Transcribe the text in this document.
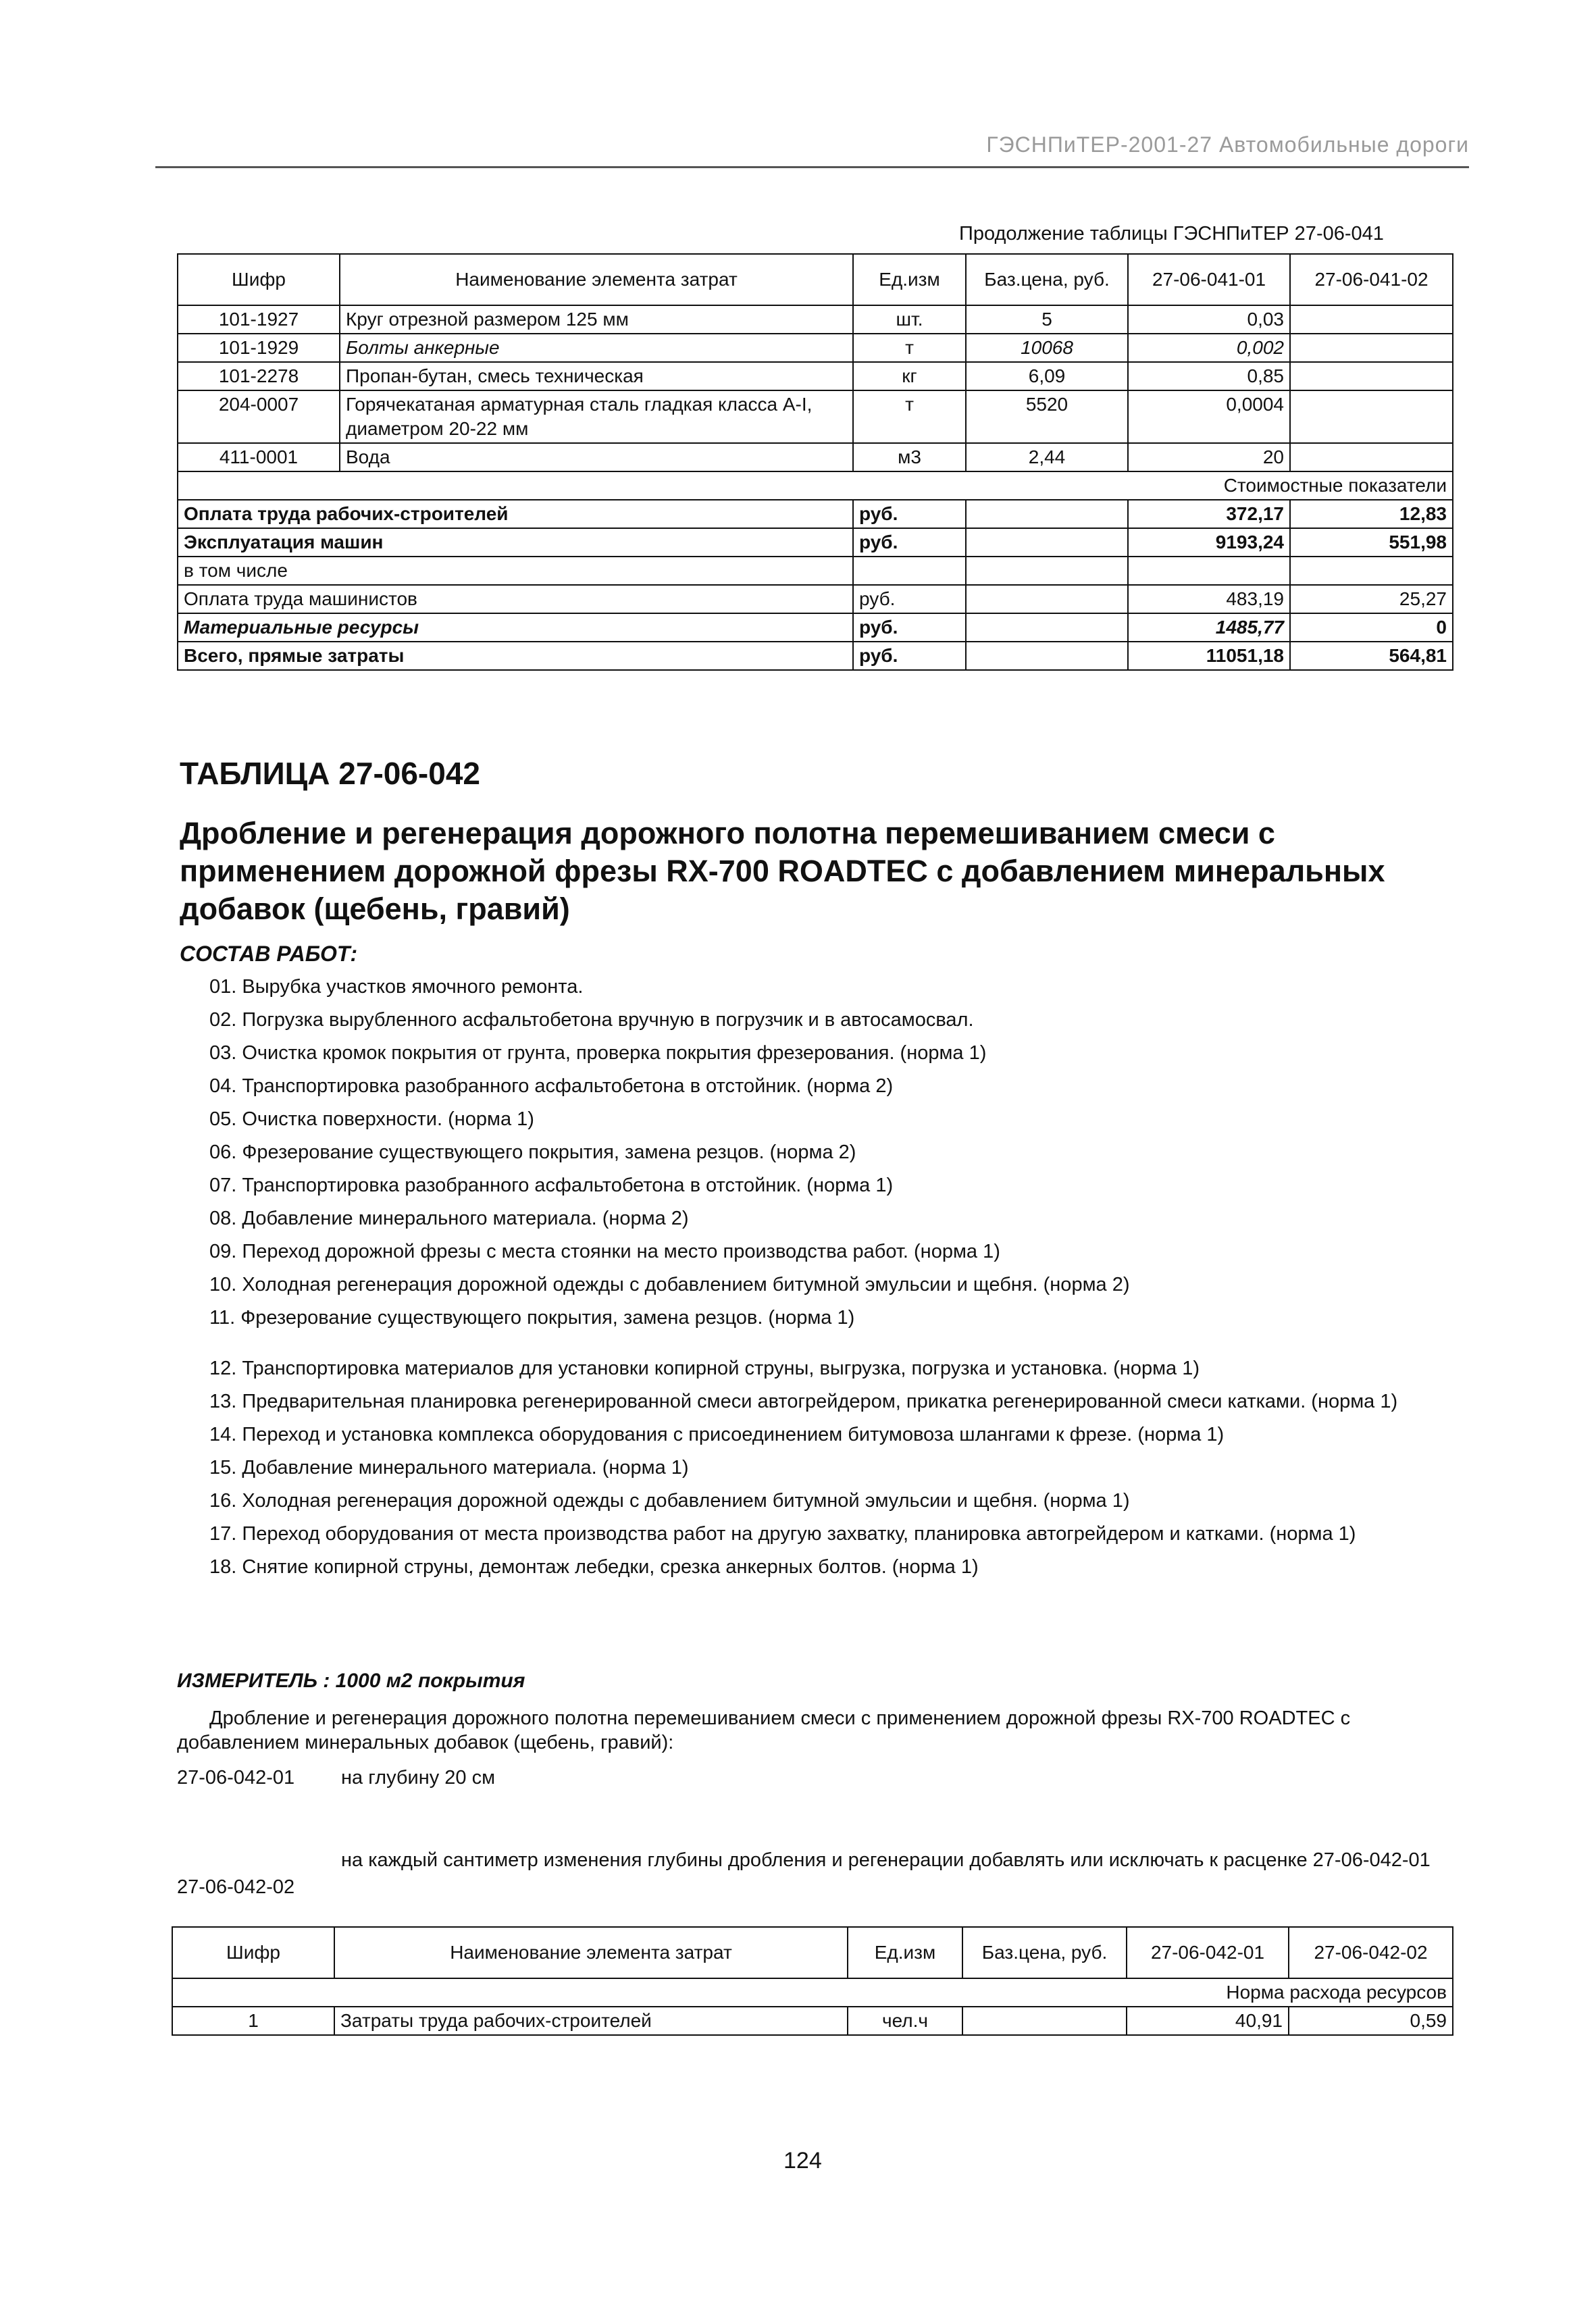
ГЭСНПиТЕР-2001-27 Автомобильные дороги
Продолжение таблицы ГЭСНПиТЕР 27-06-041
Шифр	Наименование элемента затрат	Ед.изм	Баз.цена, руб.	27-06-041-01	27-06-041-02
101-1927	Круг отрезной размером 125 мм	шт.	5	0,03	
101-1929	Болты анкерные	т	10068	0,002	
101-2278	Пропан-бутан, смесь техническая	кг	6,09	0,85	
204-0007	Горячекатаная арматурная сталь гладкая класса А-I, диаметром 20-22 мм	т	5520	0,0004	
411-0001	Вода	м3	2,44	20	
Стоимостные показатели					
Оплата труда рабочих-строителей		руб.		372,17	12,83
Эксплуатация машин		руб.		9193,24	551,98
в том числе					
Оплата труда машинистов		руб.		483,19	25,27
Материальные ресурсы		руб.		1485,77	0
Всего, прямые затраты		руб.		11051,18	564,81
ТАБЛИЦА 27-06-042
Дробление и регенерация дорожного полотна перемешиванием смеси с применением дорожной фрезы RX-700 ROADTEC с добавлением минеральных добавок (щебень, гравий)
СОСТАВ РАБОТ:
01. Вырубка участков ямочного ремонта.
02. Погрузка вырубленного асфальтобетона вручную в погрузчик и в автосамосвал.
03. Очистка кромок покрытия от грунта, проверка покрытия фрезерования. (норма 1)
04. Транспортировка разобранного асфальтобетона в отстойник. (норма 2)
05. Очистка поверхности. (норма 1)
06. Фрезерование существующего покрытия, замена резцов. (норма 2)
07. Транспортировка разобранного асфальтобетона в отстойник. (норма 1)
08. Добавление минерального материала. (норма 2)
09. Переход дорожной фрезы с места стоянки на место производства работ. (норма 1)
10. Холодная регенерация дорожной одежды с добавлением битумной эмульсии и щебня. (норма 2)
11. Фрезерование существующего покрытия, замена резцов. (норма 1)
12. Транспортировка материалов для установки копирной струны, выгрузка, погрузка и установка. (норма 1)
13. Предварительная планировка регенерированной смеси автогрейдером, прикатка регенерированной смеси катками. (норма 1)
14. Переход и установка комплекса оборудования с присоединением битумовоза шлангами к фрезе. (норма 1)
15. Добавление минерального материала. (норма 1)
16. Холодная регенерация дорожной одежды с добавлением битумной эмульсии и щебня. (норма 1)
17. Переход оборудования от места производства работ на другую захватку, планировка автогрейдером и катками. (норма 1)
18. Снятие копирной струны, демонтаж лебедки, срезка анкерных болтов. (норма 1)
ИЗМЕРИТЕЛЬ : 1000 м2 покрытия
Дробление и регенерация дорожного полотна перемешиванием смеси с применением дорожной фрезы RX-700 ROADTEC с добавлением минеральных добавок (щебень, гравий):
27-06-042-01 на глубину 20 см
на каждый сантиметр изменения глубины дробления и регенерации добавлять или исключать к расценке 27-06-042-01
27-06-042-02
Шифр	Наименование элемента затрат	Ед.изм	Баз.цена, руб.	27-06-042-01	27-06-042-02
Норма расхода ресурсов					
1	Затраты труда рабочих-строителей	чел.ч		40,91	0,59
124
